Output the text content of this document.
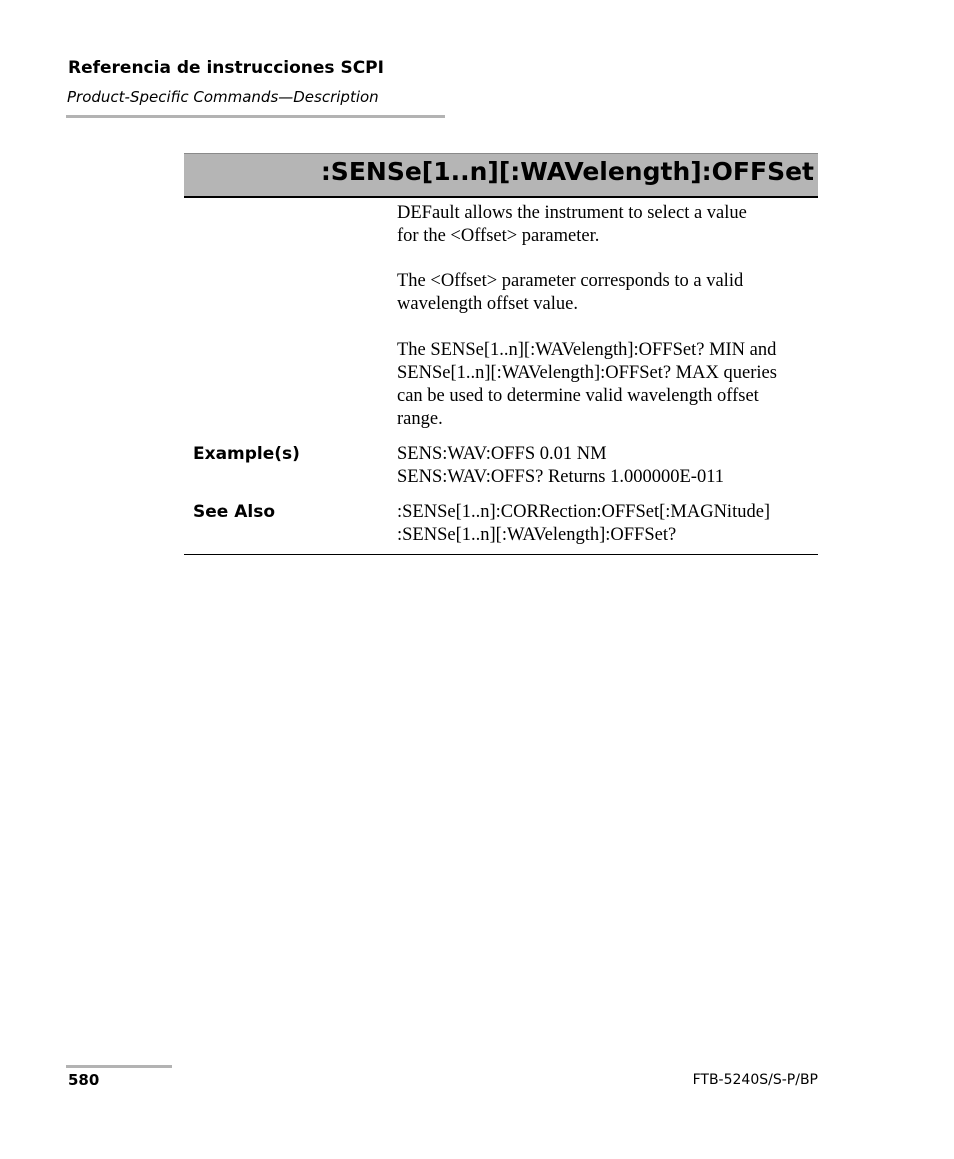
Referencia de instrucciones SCPI
Product-Specific Commands—Description
:SENSe[1..n][:WAVelength]:OFFSet
DEFault allows the instrument to select a value
for the <Offset> parameter.
The <Offset> parameter corresponds to a valid
wavelength offset value.
The SENSe[1..n][:WAVelength]:OFFSet? MIN and
SENSe[1..n][:WAVelength]:OFFSet? MAX queries
can be used to determine valid wavelength offset
range.
Example(s)	SENS:WAV:OFFS 0.01 NM
SENS:WAV:OFFS? Returns 1.000000E-011
See Also	:SENSe[1..n]:CORRection:OFFSet[:MAGNitude]
:SENSe[1..n][:WAVelength]:OFFSet?
580	FTB-5240S/S-P/BP
